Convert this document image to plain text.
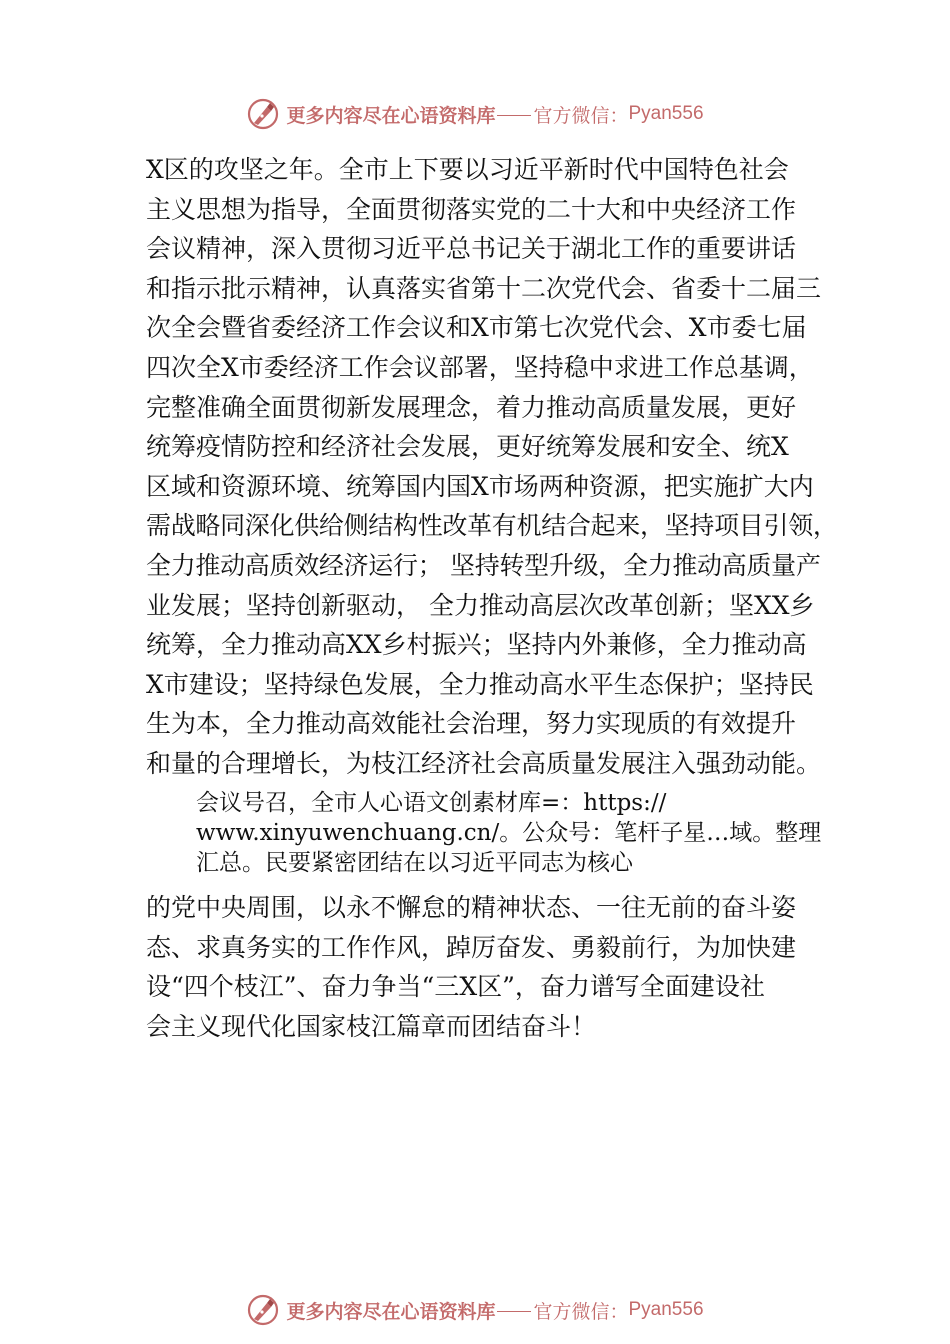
更多内容尽在心语资料库 官方微信： Pyan556
X区的攻坚之年。全市上下要以习近平新时代中国特色社会
主义思想为指导，全面贯彻落实党的二十大和中央经济工作
会议精神，深入贯彻习近平总书记关于湖北工作的重要讲话
和指示批示精神，认真落实省第十二次党代会、省委十二届三
次全会暨省委经济工作会议和X市第七次党代会、X市委七届
四次全X市委经济工作会议部署，坚持稳中求进工作总基调，
完整准确全面贯彻新发展理念，着力推动高质量发展，更好
统筹疫情防控和经济社会发展，更好统筹发展和安全、统X
区域和资源环境、统筹国内国X市场两种资源，把实施扩大内
需战略同深化供给侧结构性改革有机结合起来，坚持项目引领，
全力推动高质效经济运行； 坚持转型升级，全力推动高质量产
业发展；坚持创新驱动， 全力推动高层次改革创新；坚XX乡
统筹，全力推动高XX乡村振兴；坚持内外兼修，全力推动高
X市建设；坚持绿色发展，全力推动高水平生态保护；坚持民
生为本，全力推动高效能社会治理，努力实现质的有效提升
和量的合理增长，为枝江经济社会高质量发展注入强劲动能。
会议号召，全市人心语文创素材库=：https://
www.xinyuwenchuang.cn/。公众号：笔杆子星…域。整理
汇总。民要紧密团结在以习近平同志为核心
的党中央周围，以永不懈怠的精神状态、一往无前的奋斗姿
态、求真务实的工作作风，踔厉奋发、勇毅前行，为加快建
设“四个枝江”、奋力争当“三X区”，奋力谱写全面建设社
会主义现代化国家枝江篇章而团结奋斗！
更多内容尽在心语资料库 官方微信： Pyan556
